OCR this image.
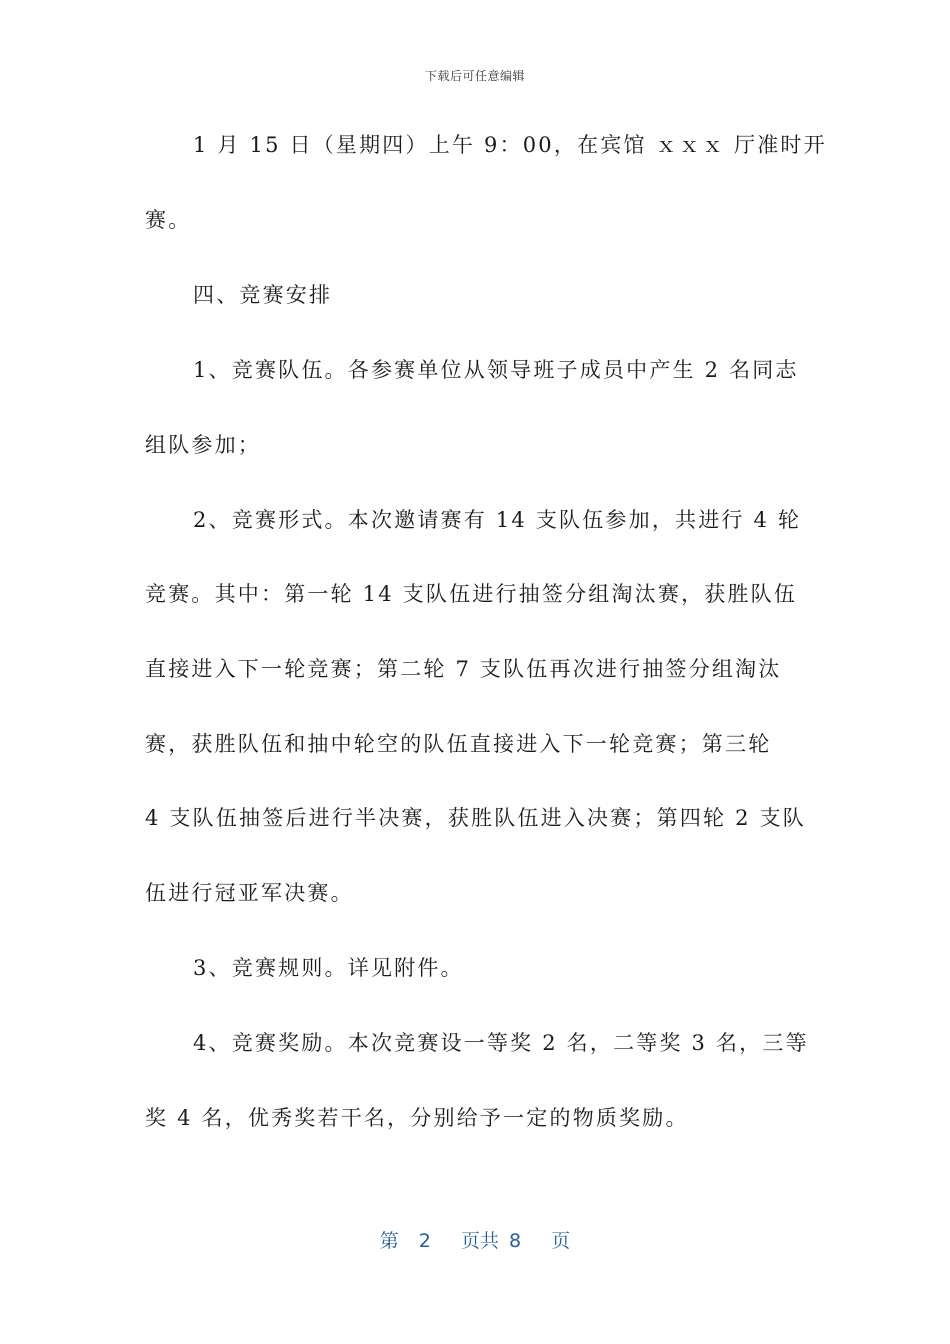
下载后可任意编辑
1 月 15 日（星期四）上午 9：00，在宾馆 ｘｘｘ 厅准时开
赛。
四、竞赛安排
1、竞赛队伍。各参赛单位从领导班子成员中产生 2 名同志
组队参加；
2、竞赛形式。本次邀请赛有 14 支队伍参加，共进行 4 轮
竞赛。其中：第一轮 14 支队伍进行抽签分组淘汰赛，获胜队伍
直接进入下一轮竞赛；第二轮 7 支队伍再次进行抽签分组淘汰
赛，获胜队伍和抽中轮空的队伍直接进入下一轮竞赛；第三轮
4 支队伍抽签后进行半决赛，获胜队伍进入决赛；第四轮 2 支队
伍进行冠亚军决赛。
3、竞赛规则。详见附件。
4、竞赛奖励。本次竞赛设一等奖 2 名，二等奖 3 名，三等
奖 4 名，优秀奖若干名，分别给予一定的物质奖励。
第  2   页共 8   页
